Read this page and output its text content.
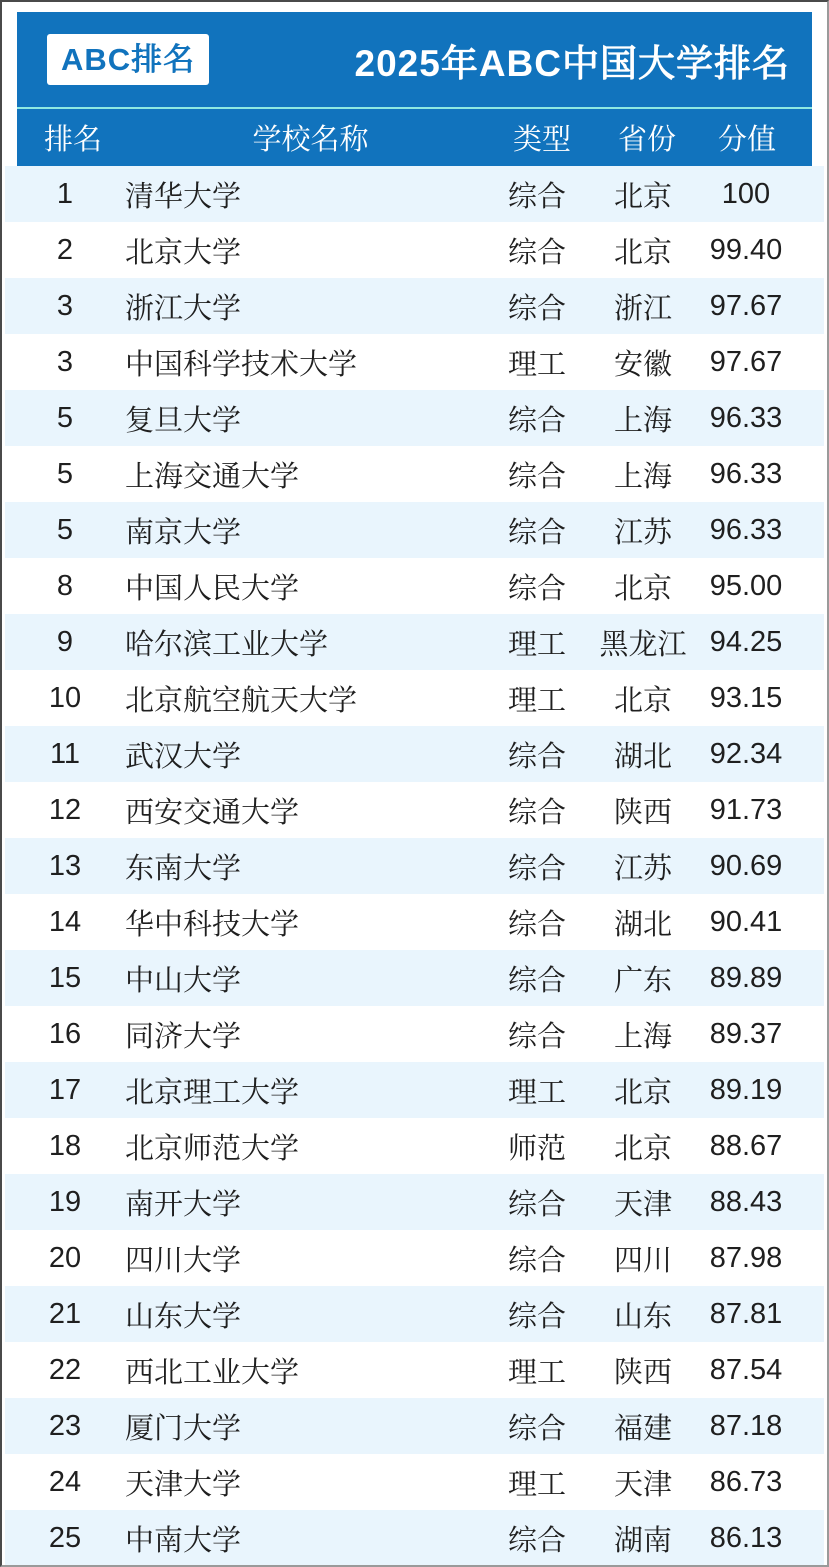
ABC排名	2025年ABC中国大学排名
排名	学校名称	类型	省份	分值
1	清华大学	综合	北京	100
2	北京大学	综合	北京	99.40
3	浙江大学	综合	浙江	97.67
3	中国科学技术大学	理工	安徽	97.67
5	复旦大学	综合	上海	96.33
5	上海交通大学	综合	上海	96.33
5	南京大学	综合	江苏	96.33
8	中国人民大学	综合	北京	95.00
9	哈尔滨工业大学	理工	黑龙江 94.25
10	北京航空航天大学	理工	北京	93.15
11	武汉大学	综合	湖北	92.34
12	西安交通大学	综合	陕西	91.73
13	东南大学	综合	江苏	90.69
14	华中科技大学	综合	湖北	90.41
15	中山大学	综合	广东	89.89
16	同济大学	综合	上海	89.37
17	北京理工大学	理工	北京	89.19
18	北京师范大学	师范	北京	88.67
19	南开大学	综合	天津	88.43
20	四川大学	综合	四川	87.98
21	山东大学	综合	山东	87.81
22	西北工业大学	理工	陕西	87.54
23	厦门大学	综合	福建	87.18
24	天津大学	理工	天津	86.73
25	中南大学	综合	湖南	86.13
